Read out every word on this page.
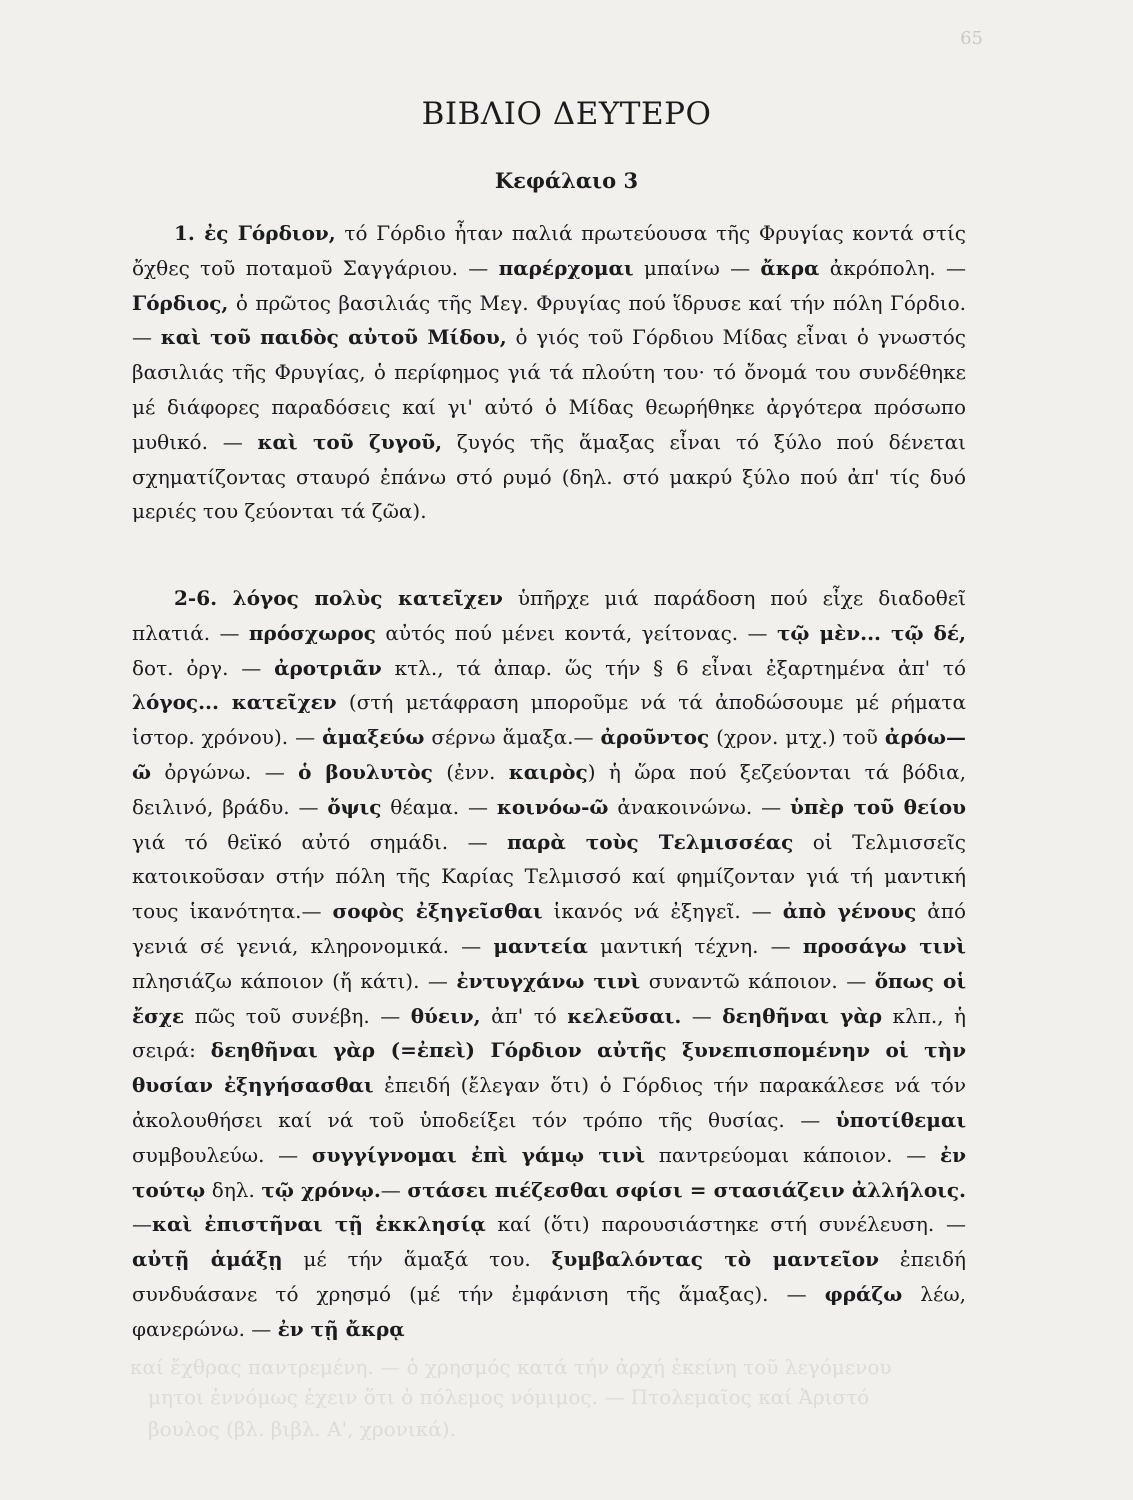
65
ΒΙΒΛΙΟ ΔΕΥΤΕΡΟ
Κεφάλαιο 3

1. ἐς Γόρδιον, τό Γόρδιο ἦταν παλιά πρωτεύουσα τῆς Φρυγίας κοντά στίς ὄχθες τοῦ ποταμοῦ Σαγγάριου. — παρέρχομαι μπαίνω — ἄκρα ἀκρόπολη. — Γόρδιος, ὁ πρῶτος βασιλιάς τῆς Μεγ. Φρυγίας πού ἵδρυσε καί τήν πόλη Γόρδιο. — καὶ τοῦ παιδὸς αὐτοῦ Μίδου, ὁ γιός τοῦ Γόρδιου Μίδας εἶναι ὁ γνωστός βασιλιάς τῆς Φρυγίας, ὁ περίφημος γιά τά πλούτη του· τό ὄνομά του συνδέθηκε μέ διάφορες παραδόσεις καί γι' αὐτό ὁ Μίδας θεωρήθηκε ἀργότερα πρόσωπο μυθικό. — καὶ τοῦ ζυγοῦ, ζυγός τῆς ἅμαξας εἶναι τό ξύλο πού δένεται σχηματίζοντας σταυρό ἐπάνω στό ρυμό (δηλ. στό μακρύ ξύλο πού ἀπ' τίς δυό μεριές του ζεύονται τά ζῶα).

2-6. λόγος πολὺς κατεῖχεν ὑπῆρχε μιά παράδοση πού εἶχε διαδοθεῖ πλατιά. — πρόσχωρος αὐτός πού μένει κοντά, γείτονας. — τῷ μὲν... τῷ δέ, δοτ. ὀργ. — ἀροτριᾶν κτλ., τά ἀπαρ. ὥς τήν § 6 εἶναι ἐξαρτημένα ἀπ' τό λόγος... κατεῖχεν (στή μετάφραση μποροῦμε νά τά ἀποδώσουμε μέ ρήματα ἱστορ. χρόνου). — ἁμαξεύω σέρνω ἅμαξα.— ἀροῦντος (χρον. μτχ.) τοῦ ἀρόω—ῶ ὀργώνω. — ὁ βουλυτὸς (ἐνν. καιρὸς) ἡ ὥρα πού ξεζεύονται τά βόδια, δειλινό, βράδυ. — ὄψις θέαμα. — κοινόω-ῶ ἀνακοινώνω. — ὑπὲρ τοῦ θείου γιά τό θεϊκό αὐτό σημάδι. — παρὰ τοὺς Τελμισσέας οἱ Τελμισσεῖς κατοικοῦσαν στήν πόλη τῆς Καρίας Τελμισσό καί φημίζονταν γιά τή μαντική τους ἱκανότητα.— σοφὸς ἐξηγεῖσθαι ἱκανός νά ἐξηγεῖ. — ἀπὸ γένους ἀπό γενιά σέ γενιά, κληρονομικά. — μαντεία μαντική τέχνη. — προσάγω τινὶ πλησιάζω κάποιον (ἤ κάτι). — ἐντυγχάνω τινὶ συναντῶ κάποιον. — ὅπως οἱ ἔσχε πῶς τοῦ συνέβη. — θύειν, ἀπ' τό κελεῦσαι. — δεηθῆναι γὰρ κλπ., ἡ σειρά: δεηθῆναι γὰρ (=ἐπεὶ) Γόρδιον αὐτῆς ξυνεπισπομένην οἱ τὴν θυσίαν ἐξηγήσασθαι ἐπειδή (ἔλεγαν ὅτι) ὁ Γόρδιος τήν παρακάλεσε νά τόν ἀκολουθήσει καί νά τοῦ ὑποδείξει τόν τρόπο τῆς θυσίας. — ὑποτίθεμαι συμβουλεύω. — συγγίγνομαι ἐπὶ γάμῳ τινὶ παντρεύομαι κάποιον. — ἐν τούτῳ δηλ. τῷ χρόνῳ.— στάσει πιέζεσθαι σφίσι = στασιάζειν ἀλλήλοις. —καὶ ἐπιστῆναι τῇ ἐκκλησίᾳ καί (ὅτι) παρουσιάστηκε στή συνέλευση. — αὐτῇ ἁμάξῃ μέ τήν ἅμαξά του. ξυμβαλόντας τὸ μαντεῖον ἐπειδή συνδυάσανε τό χρησμό (μέ τήν ἐμφάνιση τῆς ἅμαξας). — φράζω λέω, φανερώνω. — ἐν τῇ ἄκρᾳ

καί ἔχθρας παντρεμένη. — ὁ χρησμός κατά τήν ἀρχή ἐκείνη τοῦ λεγόμενου
μητοι ἐννόμως ἐχειν ὅτι ὁ πόλεμος νόμιμος. — Πτολεμαῖος καί Ἀριστό
βουλος (βλ. βιβλ. Α', χρονικά).
